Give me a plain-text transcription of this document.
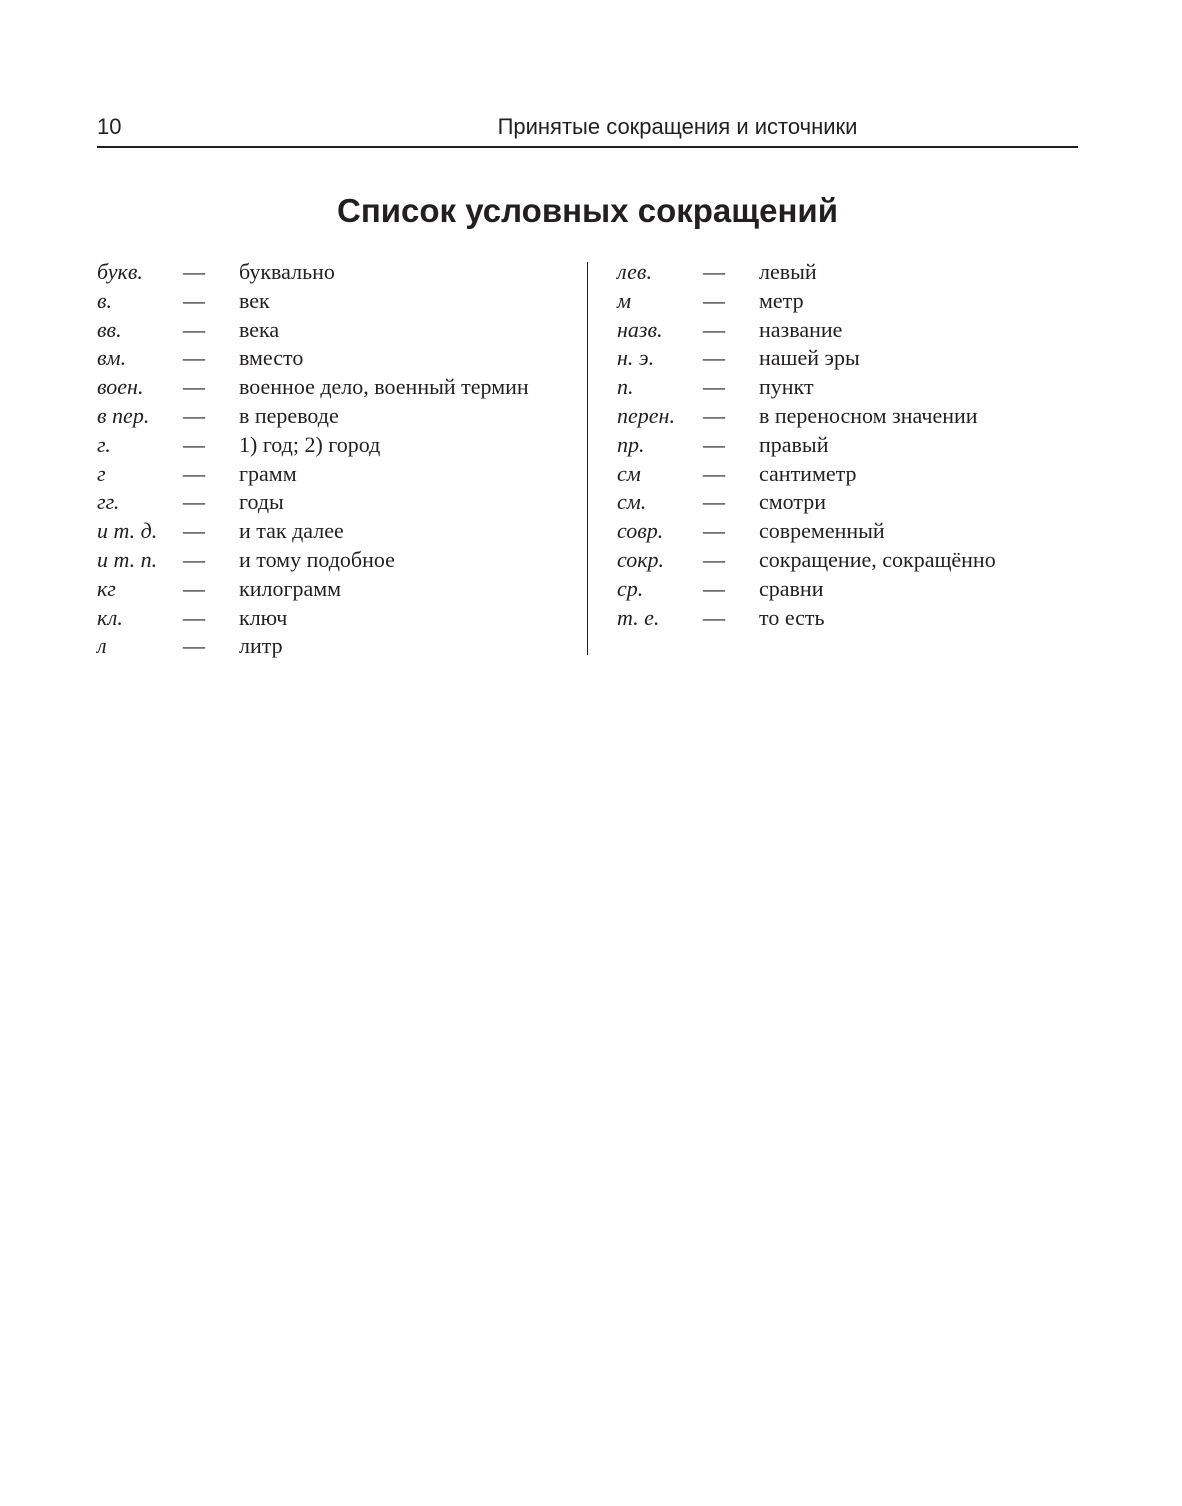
10	Принятые сокращения и источники
Список условных сокращений
букв. — буквально
в.	— век
вв.	— века
вм.	— вместо
воен. — военное дело, военный термин
в пер. — в переводе
г.	— 1) год; 2) город
г	— грамм
гг.	— годы
и т. д. — и так далее
и т. п. — и тому подобное
кг	— килограмм
кл.	— ключ
л	— литр
лев. — левый
м	— метр
назв. — название
н. э. — нашей эры
п.	— пункт
перен. — в переносном значении
пр.	— правый
см	— сантиметр
см.	— смотри
совр. — современный
сокр. — сокращение, сокращённо
ср.	— сравни
т. е. — то есть
